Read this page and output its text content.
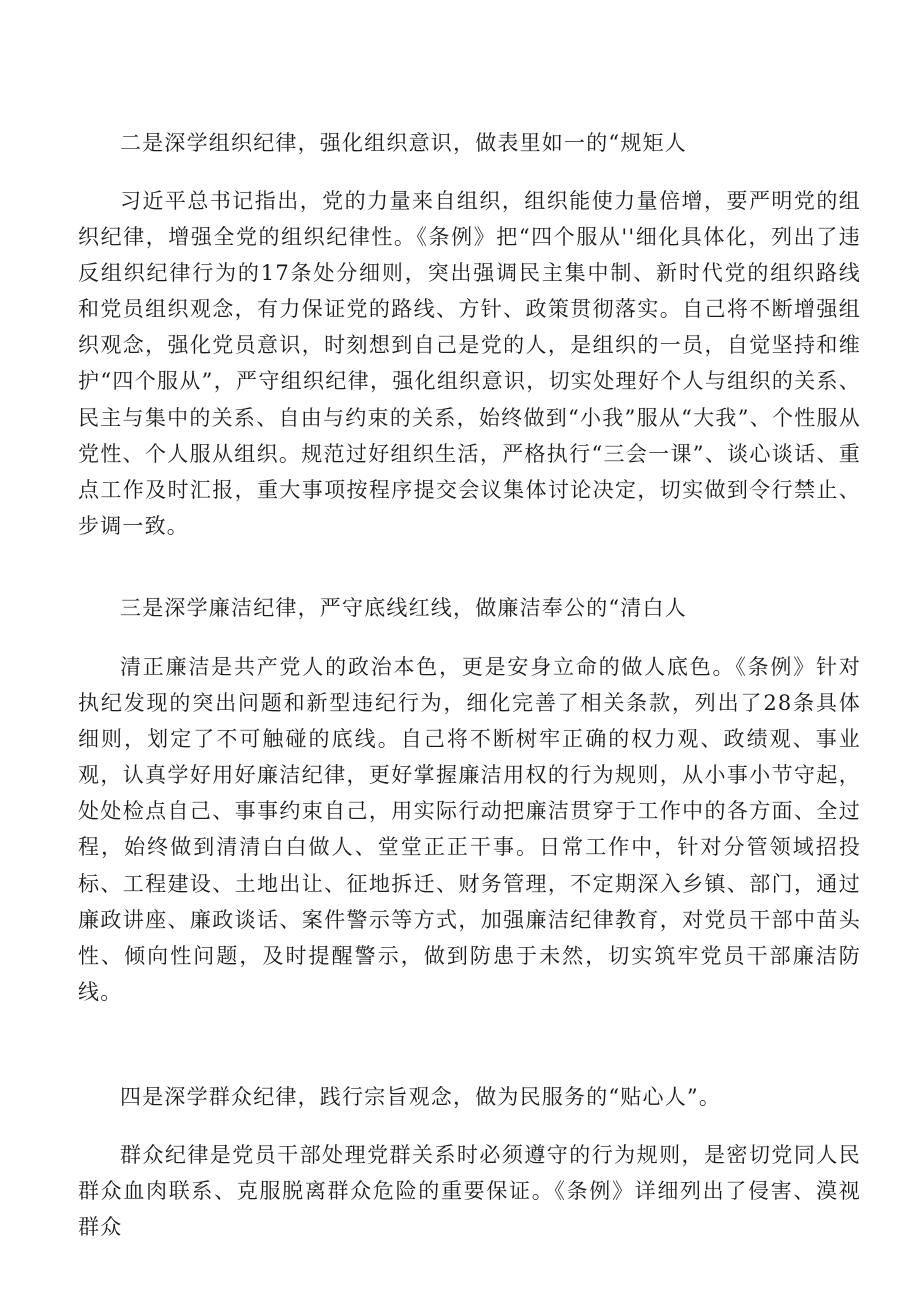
二是深学组织纪律，强化组织意识，做表里如一的“规矩人

习近平总书记指出，党的力量来自组织，组织能使力量倍增，要严明党的组织纪律，增强全党的组织纪律性。《条例》把“四个服从''细化具体化，列出了违反组织纪律行为的17条处分细则，突出强调民主集中制、新时代党的组织路线和党员组织观念，有力保证党的路线、方针、政策贯彻落实。自己将不断增强组织观念，强化党员意识，时刻想到自己是党的人，是组织的一员，自觉坚持和维护“四个服从”，严守组织纪律，强化组织意识，切实处理好个人与组织的关系、民主与集中的关系、自由与约束的关系，始终做到“小我”服从“大我”、个性服从党性、个人服从组织。规范过好组织生活，严格执行“三会一课”、谈心谈话、重点工作及时汇报，重大事项按程序提交会议集体讨论决定，切实做到令行禁止、步调一致。

三是深学廉洁纪律，严守底线红线，做廉洁奉公的“清白人

清正廉洁是共产党人的政治本色，更是安身立命的做人底色。《条例》针对执纪发现的突出问题和新型违纪行为，细化完善了相关条款，列出了28条具体细则，划定了不可触碰的底线。自己将不断树牢正确的权力观、政绩观、事业观，认真学好用好廉洁纪律，更好掌握廉洁用权的行为规则，从小事小节守起，处处检点自己、事事约束自己，用实际行动把廉洁贯穿于工作中的各方面、全过程，始终做到清清白白做人、堂堂正正干事。日常工作中，针对分管领域招投标、工程建设、土地出让、征地拆迁、财务管理，不定期深入乡镇、部门，通过廉政讲座、廉政谈话、案件警示等方式，加强廉洁纪律教育，对党员干部中苗头性、倾向性问题，及时提醒警示，做到防患于未然，切实筑牢党员干部廉洁防线。

四是深学群众纪律，践行宗旨观念，做为民服务的“贴心人”。

群众纪律是党员干部处理党群关系时必须遵守的行为规则，是密切党同人民群众血肉联系、克服脱离群众危险的重要保证。《条例》详细列出了侵害、漠视群众
